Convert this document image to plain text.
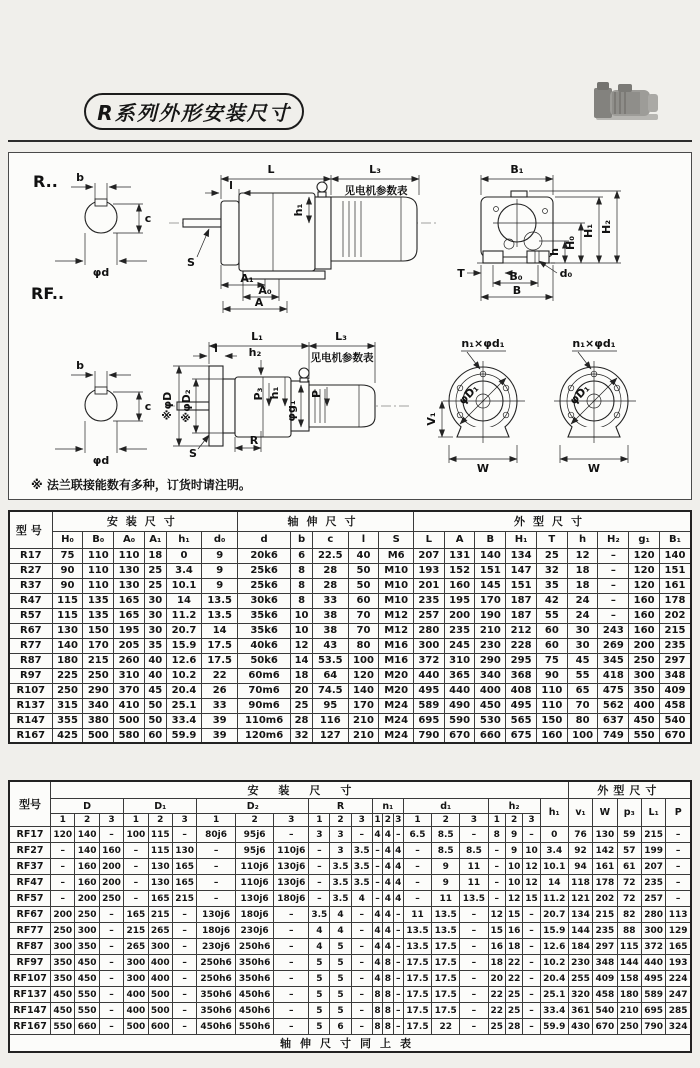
R系列外形安装尺寸
R.. b
c
φd
L	L₃
见电机参数表
l
h₁
S
A₁
A₀
A
B₁
H₂
H₁
H₀
h
T	d₀
B₀
B
RF..
b
c
φd
L₁	L₃
见电机参数表
l	h₂
※φD ※φD₂	P₃ h₁
φg₁
P
S
R
φD₁
n₁×φd₁
V₁
W
φD₁
n₁×φd₁
W
※ 法兰联接能数有多种，订货时请注明。
型号	安装尺寸						轴伸尺寸					外型尺寸								
	H₀	B₀	A₀	A₁	h₁	d₀	d	b	c	l	S	L	A	B	H₁	T	h	H₂	g₁	B₁
R17	75	110	110	18	0	9	20k6	6	22.5	40	M6	207	131	140	134	25	12	–	120	140
R27	90	110	130	25	3.4	9	25k6	8	28	50	M10	193	152	151	147	32	18	–	120	151
R37	90	110	130	25	10.1	9	25k6	8	28	50	M10	201	160	145	151	35	18	–	120	161
R47	115	135	165	30	14	13.5	30k6	8	33	60	M10	235	195	170	187	42	24	–	160	178
R57	115	135	165	30	11.2	13.5	35k6	10	38	70	M12	257	200	190	187	55	24	–	160	202
R67	130	150	195	30	20.7	14	35k6	10	38	70	M12	280	235	210	212	60	30	243	160	215
R77	140	170	205	35	15.9	17.5	40k6	12	43	80	M16	300	245	230	228	60	30	269	200	235
R87	180	215	260	40	12.6	17.5	50k6	14	53.5	100	M16	372	310	290	295	75	45	345	250	297
R97	225	250	310	40	10.2	22	60m6	18	64	120	M20	440	365	340	368	90	55	418	300	348
R107	250	290	370	45	20.4	26	70m6	20	74.5	140	M20	495	440	400	408	110	65	475	350	409
R137	315	340	410	50	25.1	33	90m6	25	95	170	M24	589	490	450	495	110	70	562	400	458
R147	355	380	500	50	33.4	39	110m6	28	116	210	M24	695	590	530	565	150	80	637	450	540
R167	425	500	580	60	59.9	39	120m6	32	127	210	M24	790	670	660	675	160	100	749	550	670
型号	安装尺寸																						外型尺寸				
	D			D₁			D₂			R			n₁			d₁			h₂			h₁	v₁	W	p₃	L₁	P
	1	2	3	1	2	3	1	2	3	1	2	3	1	2	3	1	2	3	1	2	3						
RF17	120	140	–	100	115	–	80j6	95j6	–	3	3	–	4	4	–	6.5	8.5	–	8	9	–	0	76	130	59	215	–
RF27	–	140	160	–	115	130	–	95j6	110j6	–	3	3.5	–	4	4	–	8.5	8.5	–	9	10	3.4	92	142	57	199	–
RF37	–	160	200	–	130	165	–	110j6	130j6	–	3.5	3.5	–	4	4	–	9	11	–	10	12	10.1	94	161	61	207	–
RF47	–	160	200	–	130	165	–	110j6	130j6	–	3.5	3.5	–	4	4	–	9	11	–	10	12	14	118	178	72	235	–
RF57	–	200	250	–	165	215	–	130j6	180j6	–	3.5	4	–	4	4	–	11	13.5	–	12	15	11.2	121	202	72	257	–
RF67	200	250	–	165	215	–	130j6	180j6	–	3.5	4	–	4	4	–	11	13.5	–	12	15	–	20.7	134	215	82	280	113
RF77	250	300	–	215	265	–	180j6	230j6	–	4	4	–	4	4	–	13.5	13.5	–	15	16	–	15.9	144	235	88	300	129
RF87	300	350	–	265	300	–	230j6	250h6	–	4	5	–	4	4	–	13.5	17.5	–	16	18	–	12.6	184	297	115	372	165
RF97	350	450	–	300	400	–	250h6	350h6	–	5	5	–	4	8	–	17.5	17.5	–	18	22	–	10.2	230	348	144	440	193
RF107	350	450	–	300	400	–	250h6	350h6	–	5	5	–	4	8	–	17.5	17.5	–	20	22	–	20.4	255	409	158	495	224
RF137	450	550	–	400	500	–	350h6	450h6	–	5	5	–	8	8	–	17.5	17.5	–	22	25	–	25.1	320	458	180	589	247
RF147	450	550	–	400	500	–	350h6	450h6	–	5	5	–	8	8	–	17.5	17.5	–	22	25	–	33.4	361	540	210	695	285
RF167	550	660	–	500	600	–	450h6	550h6	–	5	6	–	8	8	–	17.5	22	–	25	28	–	59.9	430	670	250	790	324
轴伸尺寸同上表																											
